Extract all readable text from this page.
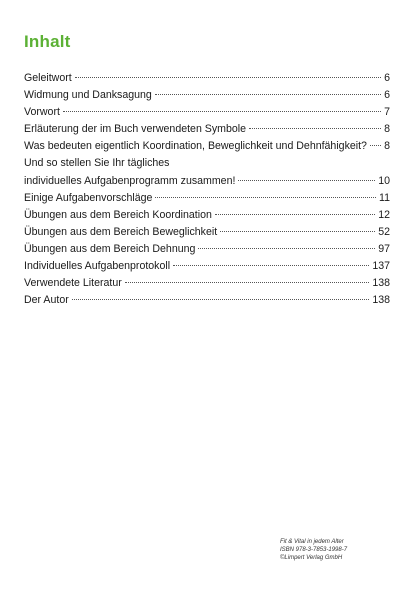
Inhalt
Geleitwort	6
Widmung und Danksagung	6
Vorwort	7
Erläuterung der im Buch verwendeten Symbole	8
Was bedeuten eigentlich Koordination, Beweglichkeit und Dehnfähigkeit? 8
Und so stellen Sie Ihr tägliches
individuelles Aufgabenprogramm zusammen!	10
Einige Aufgabenvorschläge	11
Übungen aus dem Bereich Koordination	12
Übungen aus dem Bereich Beweglichkeit	52
Übungen aus dem Bereich Dehnung	97
Individuelles Aufgabenprotokoll	137
Verwendete Literatur	138
Der Autor	138
Fit & Vital in jedem Alter
ISBN 978-3-7853-1998-7
©Limpert Verlag GmbH
